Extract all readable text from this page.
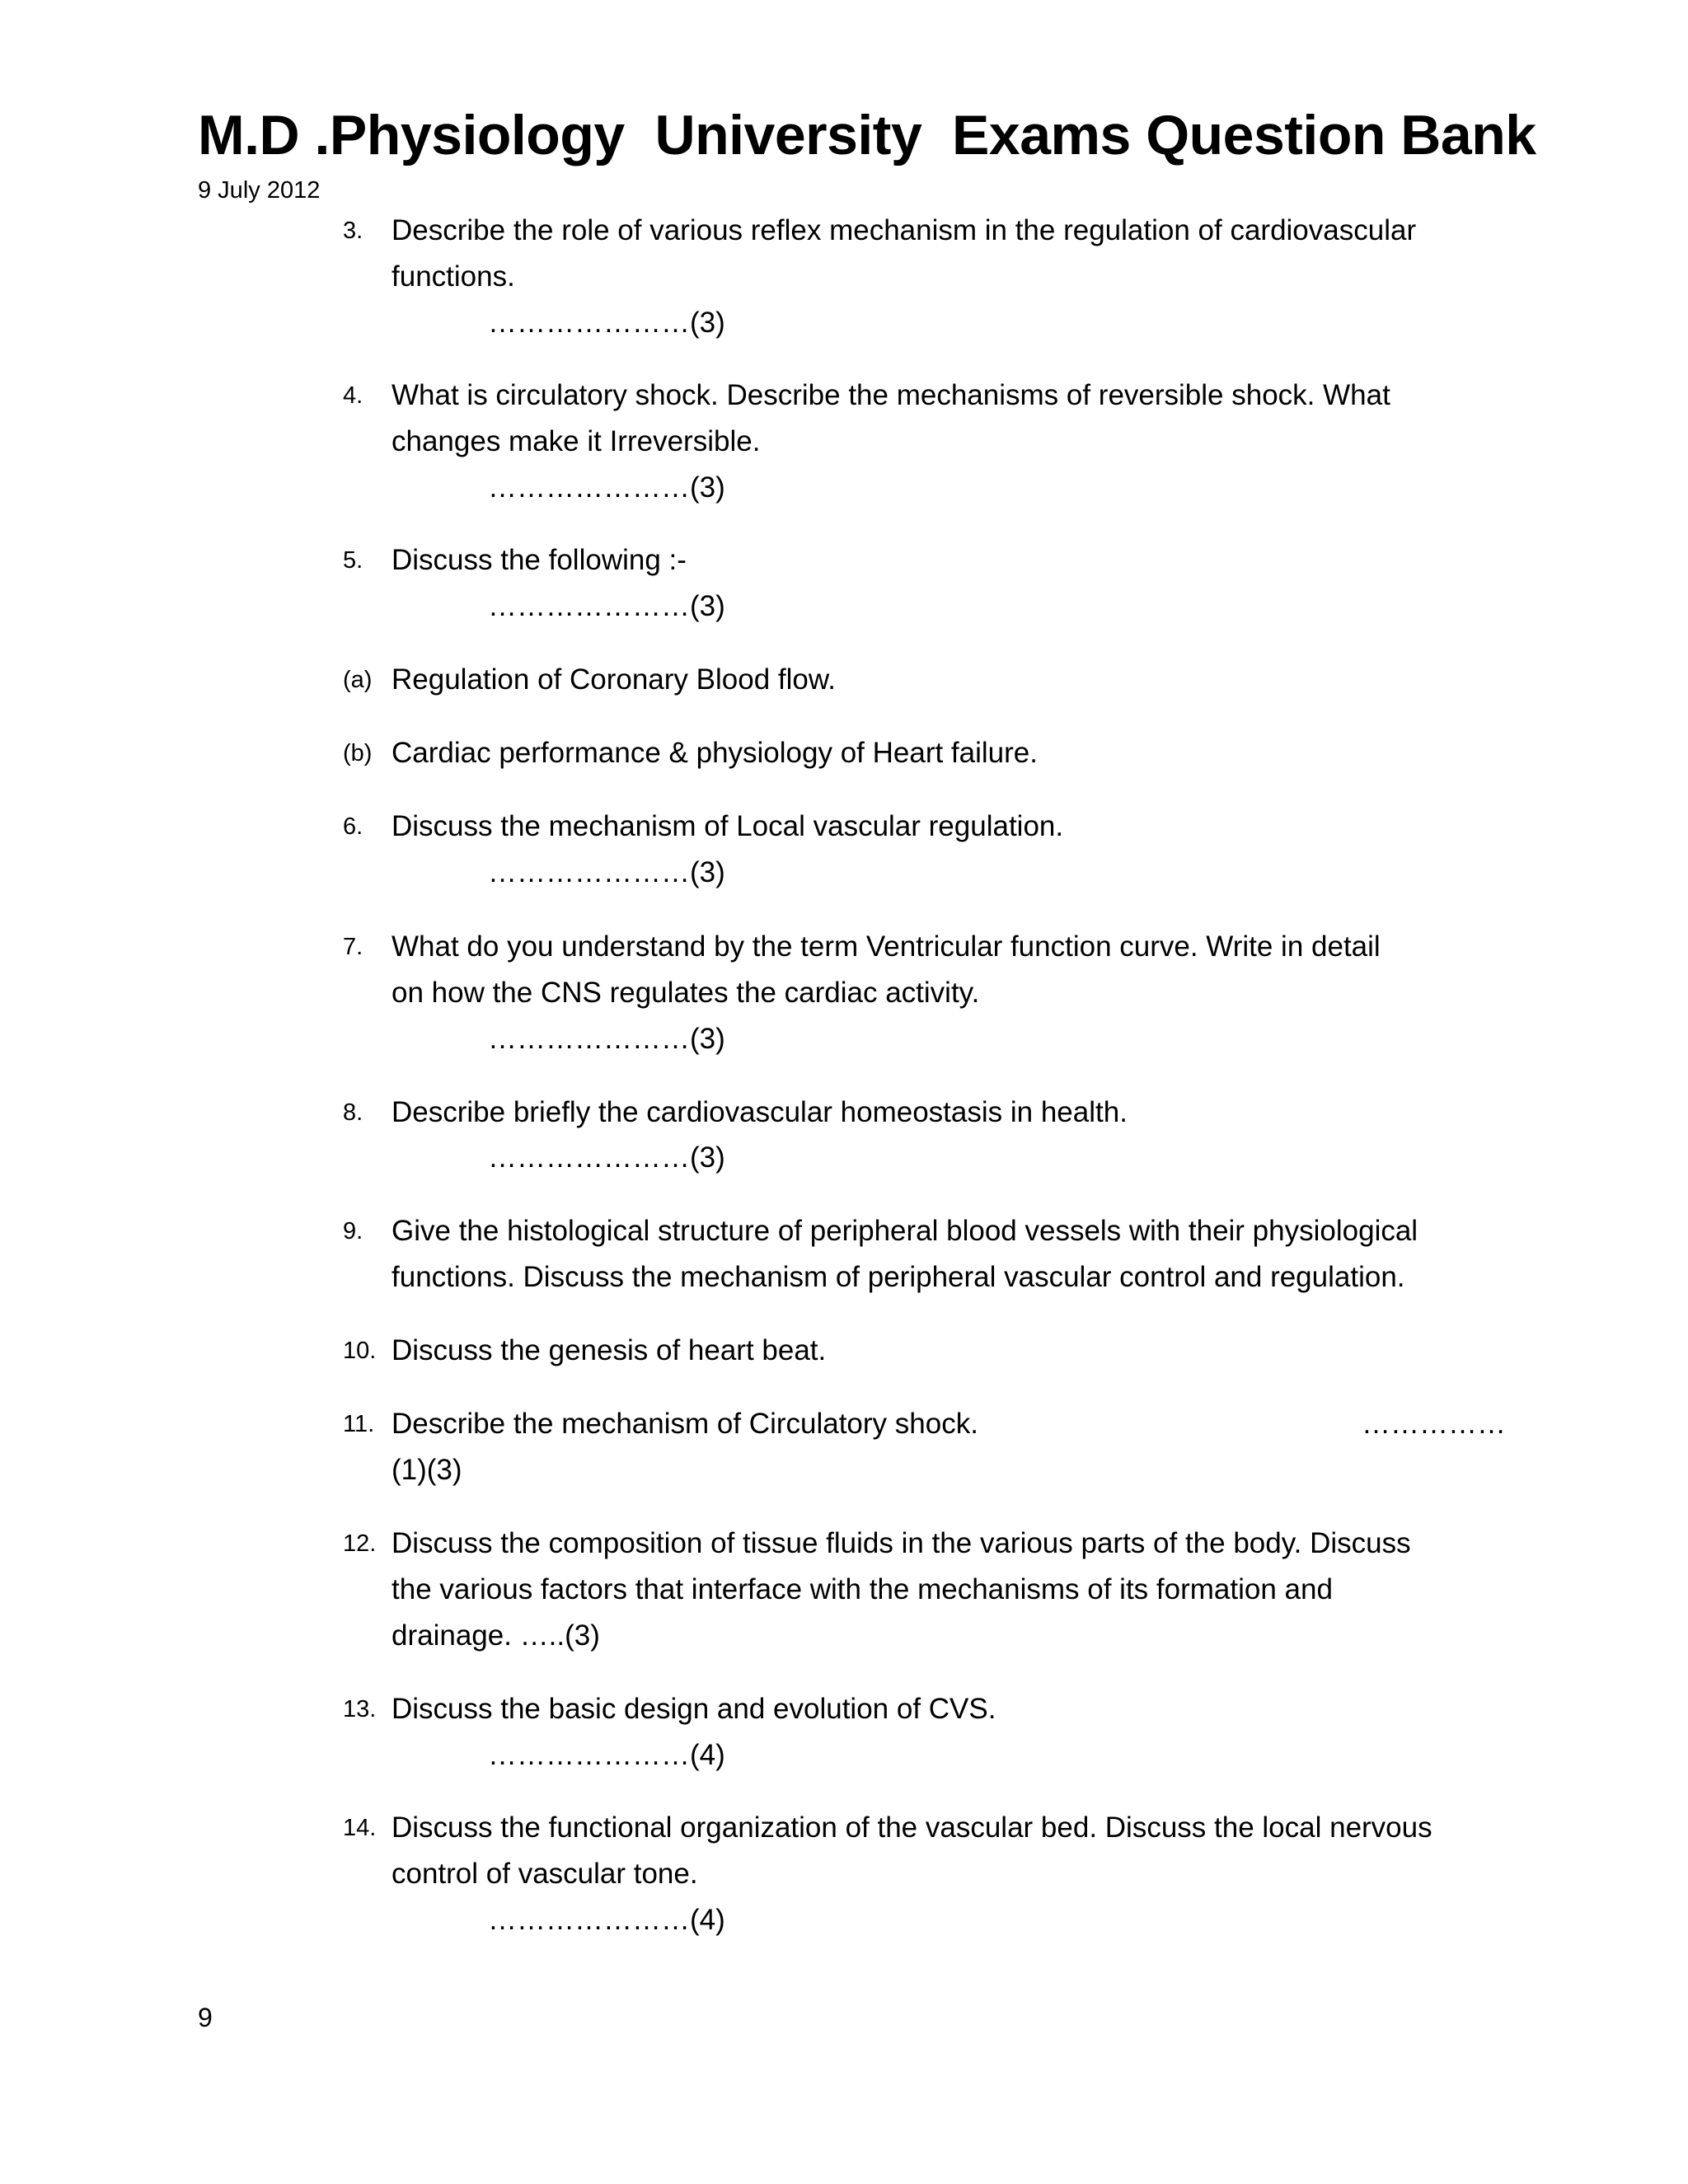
M.D .Physiology  University  Exams Question Bank
9 July 2012
3. Describe the role of various reflex mechanism in the regulation of cardiovascular
functions.
…………………(3)
4. What is circulatory shock. Describe the mechanisms of reversible shock. What
changes make it Irreversible.
…………………(3)
5. Discuss the following :-
…………………(3)
(a) Regulation of Coronary Blood flow.
(b) Cardiac performance & physiology of Heart failure.
6. Discuss the mechanism of Local vascular regulation.
…………………(3)
7. What do you understand by the term Ventricular function curve. Write in detail
on how the CNS regulates the cardiac activity.
…………………(3)
8. Describe briefly the cardiovascular homeostasis in health.
…………………(3)
9. Give the histological structure of peripheral blood vessels with their physiological
functions. Discuss the mechanism of peripheral vascular control and regulation.
10. Discuss the genesis of heart beat.
11. Describe the mechanism of Circulatory shock.
(1)(3)
……………
12. Discuss the composition of tissue fluids in the various parts of the body. Discuss
the various factors that interface with the mechanisms of its formation and
drainage. …..(3)
13. Discuss the basic design and evolution of CVS.
…………………(4)
14. Discuss the functional organization of the vascular bed. Discuss the local nervous
control of vascular tone.
…………………(4)
9
